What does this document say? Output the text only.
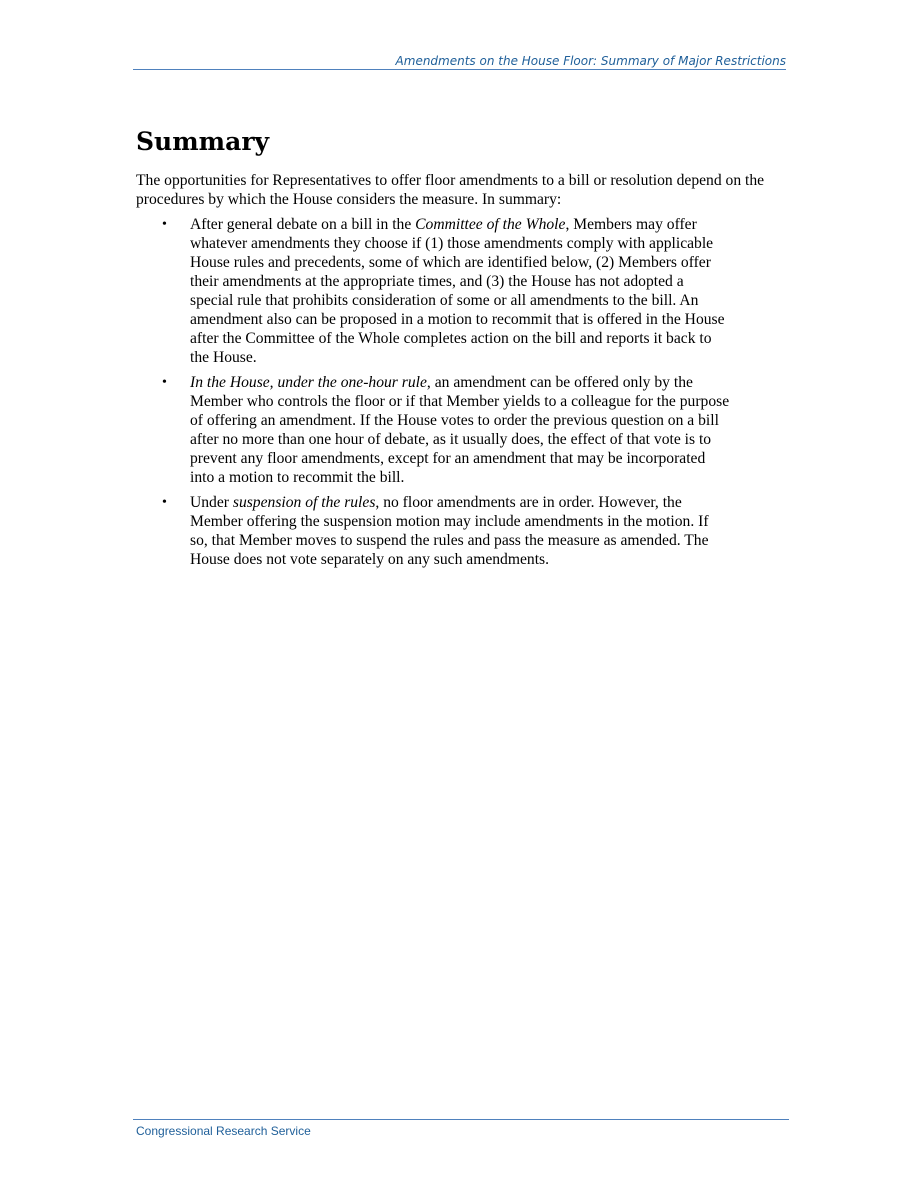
Amendments on the House Floor: Summary of Major Restrictions
Summary

The opportunities for Representatives to offer floor amendments to a bill or resolution depend on the procedures by which the House considers the measure. In summary:

• After general debate on a bill in the Committee of the Whole, Members may offer whatever amendments they choose if (1) those amendments comply with applicable House rules and precedents, some of which are identified below, (2) Members offer their amendments at the appropriate times, and (3) the House has not adopted a special rule that prohibits consideration of some or all amendments to the bill. An amendment also can be proposed in a motion to recommit that is offered in the House after the Committee of the Whole completes action on the bill and reports it back to the House.
• In the House, under the one-hour rule, an amendment can be offered only by the Member who controls the floor or if that Member yields to a colleague for the purpose of offering an amendment. If the House votes to order the previous question on a bill after no more than one hour of debate, as it usually does, the effect of that vote is to prevent any floor amendments, except for an amendment that may be incorporated into a motion to recommit the bill.
• Under suspension of the rules, no floor amendments are in order. However, the Member offering the suspension motion may include amendments in the motion. If so, that Member moves to suspend the rules and pass the measure as amended. The House does not vote separately on any such amendments.
Congressional Research Service
